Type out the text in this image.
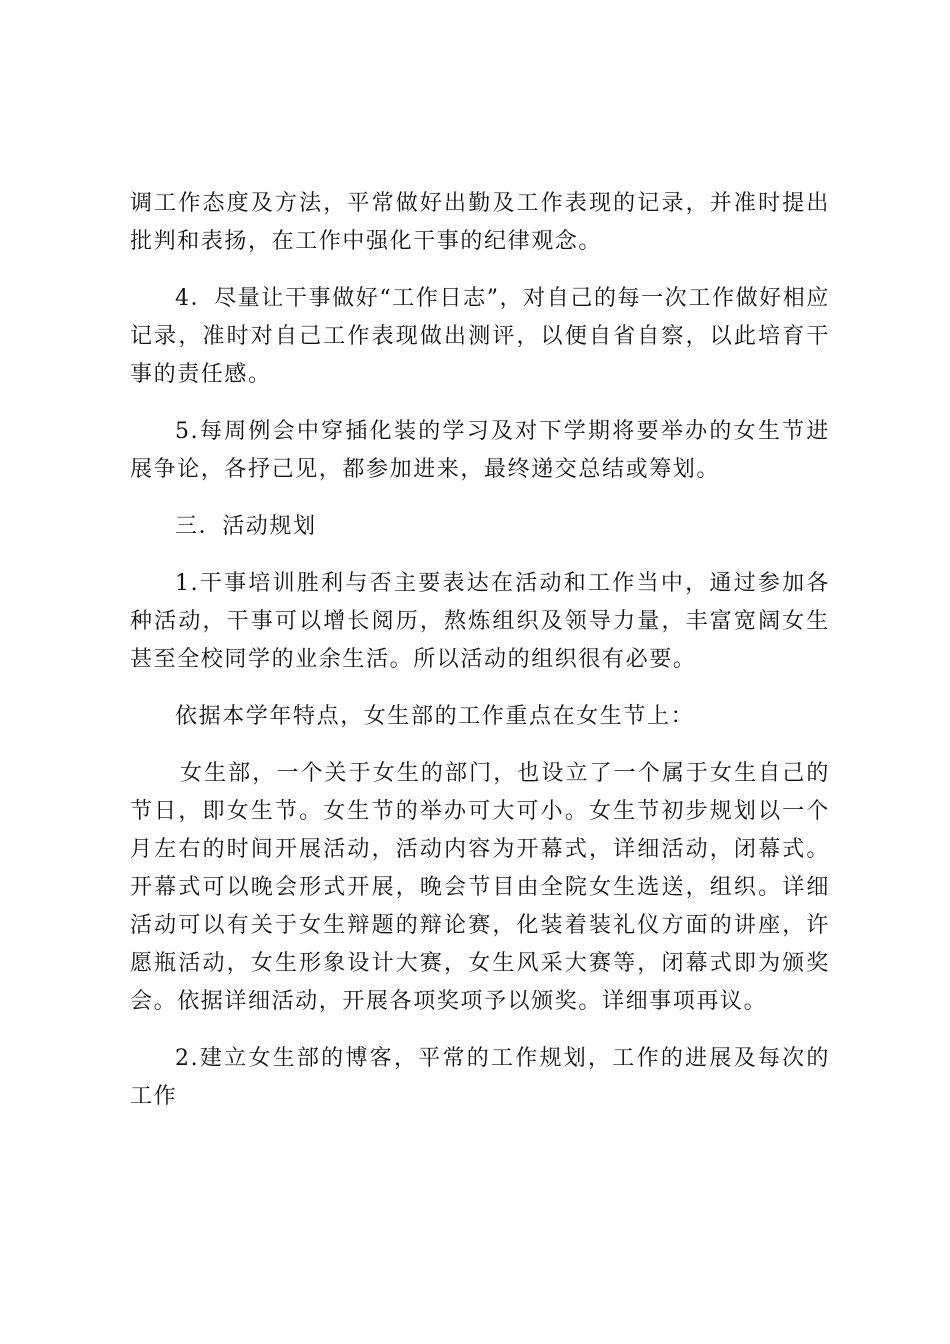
调工作态度及方法，平常做好出勤及工作表现的记录，并准时提出批判和表扬，在工作中强化干事的纪律观念。

4．尽量让干事做好“工作日志”，对自己的每一次工作做好相应记录，准时对自己工作表现做出测评，以便自省自察，以此培育干事的责任感。

5.每周例会中穿插化装的学习及对下学期将要举办的女生节进展争论，各抒己见，都参加进来，最终递交总结或筹划。

三．活动规划

1.干事培训胜利与否主要表达在活动和工作当中，通过参加各种活动，干事可以增长阅历，熬炼组织及领导力量，丰富宽阔女生甚至全校同学的业余生活。所以活动的组织很有必要。

依据本学年特点，女生部的工作重点在女生节上：

女生部，一个关于女生的部门，也设立了一个属于女生自己的节日，即女生节。女生节的举办可大可小。女生节初步规划以一个月左右的时间开展活动，活动内容为开幕式，详细活动，闭幕式。开幕式可以晚会形式开展，晚会节目由全院女生选送，组织。详细活动可以有关于女生辩题的辩论赛，化装着装礼仪方面的讲座，许愿瓶活动，女生形象设计大赛，女生风采大赛等，闭幕式即为颁奖会。依据详细活动，开展各项奖项予以颁奖。详细事项再议。

2.建立女生部的博客，平常的工作规划，工作的进展及每次的工作
